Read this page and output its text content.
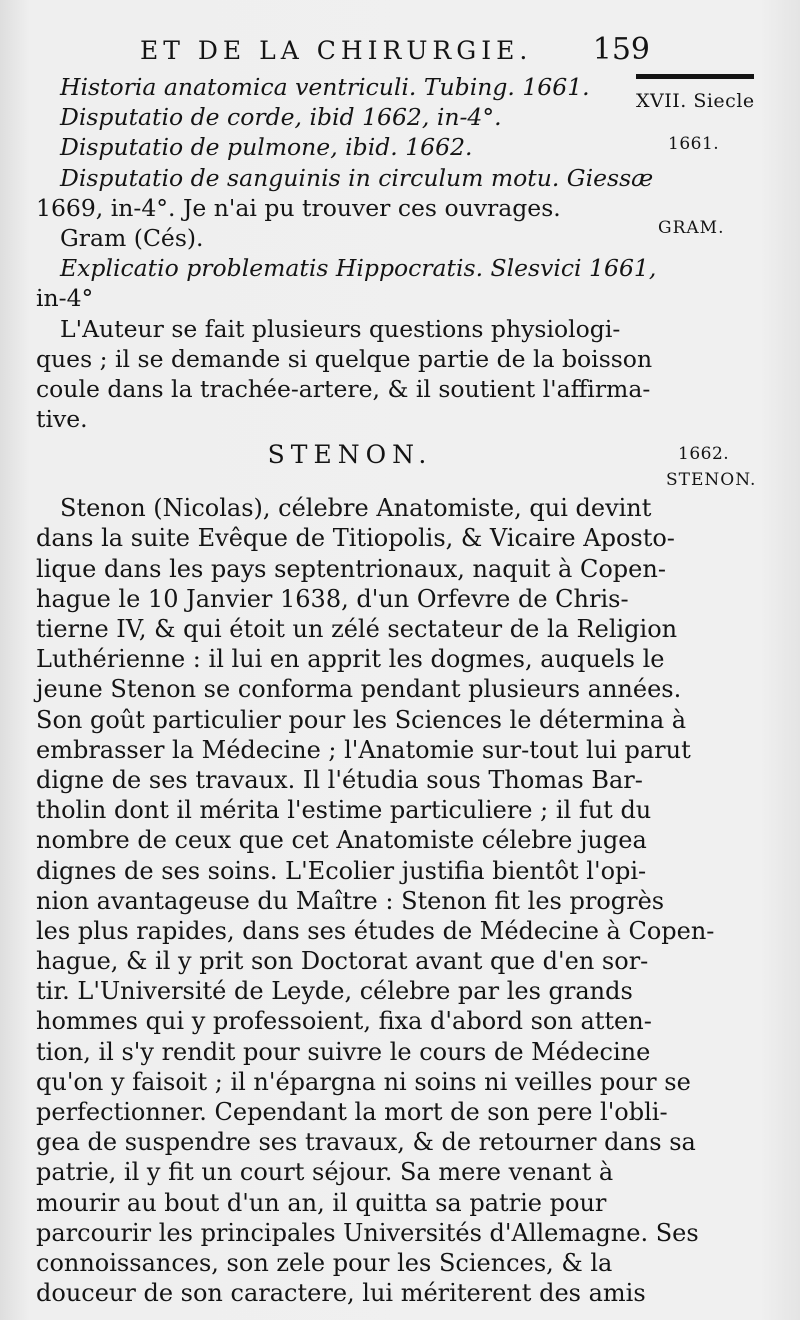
ET DE LA CHIRURGIE. 159
XVII. Siecle
1661.
GRAM.
1662.
STENON.
Historia anatomica ventriculi. Tubing. 1661.
Disputatio de corde, ibid 1662, in-4°.
Disputatio de pulmone, ibid. 1662.
Disputatio de sanguinis in circulum motu. Giessæ
1669, in-4°. Je n'ai pu trouver ces ouvrages.
Gram (Cés).
Explicatio problematis Hippocratis. Slesvici 1661,
in-4°
L'Auteur se fait plusieurs questions physiologi-
ques ; il se demande si quelque partie de la boisson
coule dans la trachée-artere, & il soutient l'affirma-
tive.
STENON.
Stenon (Nicolas), célebre Anatomiste, qui devint
dans la suite Evêque de Titiopolis, & Vicaire Aposto-
lique dans les pays septentrionaux, naquit à Copen-
hague le 10 Janvier 1638, d'un Orfevre de Chris-
tierne IV, & qui étoit un zélé sectateur de la Religion
Luthérienne : il lui en apprit les dogmes, auquels le
jeune Stenon se conforma pendant plusieurs années.
Son goût particulier pour les Sciences le détermina à
embrasser la Médecine ; l'Anatomie sur-tout lui parut
digne de ses travaux. Il l'étudia sous Thomas Bar-
tholin dont il mérita l'estime particuliere ; il fut du
nombre de ceux que cet Anatomiste célebre jugea
dignes de ses soins. L'Ecolier justifia bientôt l'opi-
nion avantageuse du Maître : Stenon fit les progrès
les plus rapides, dans ses études de Médecine à Copen-
hague, & il y prit son Doctorat avant que d'en sor-
tir. L'Université de Leyde, célebre par les grands
hommes qui y professoient, fixa d'abord son atten-
tion, il s'y rendit pour suivre le cours de Médecine
qu'on y faisoit ; il n'épargna ni soins ni veilles pour se
perfectionner. Cependant la mort de son pere l'obli-
gea de suspendre ses travaux, & de retourner dans sa
patrie, il y fit un court séjour. Sa mere venant à
mourir au bout d'un an, il quitta sa patrie pour
parcourir les principales Universités d'Allemagne. Ses
connoissances, son zele pour les Sciences, & la
douceur de son caractere, lui mériterent des amis
